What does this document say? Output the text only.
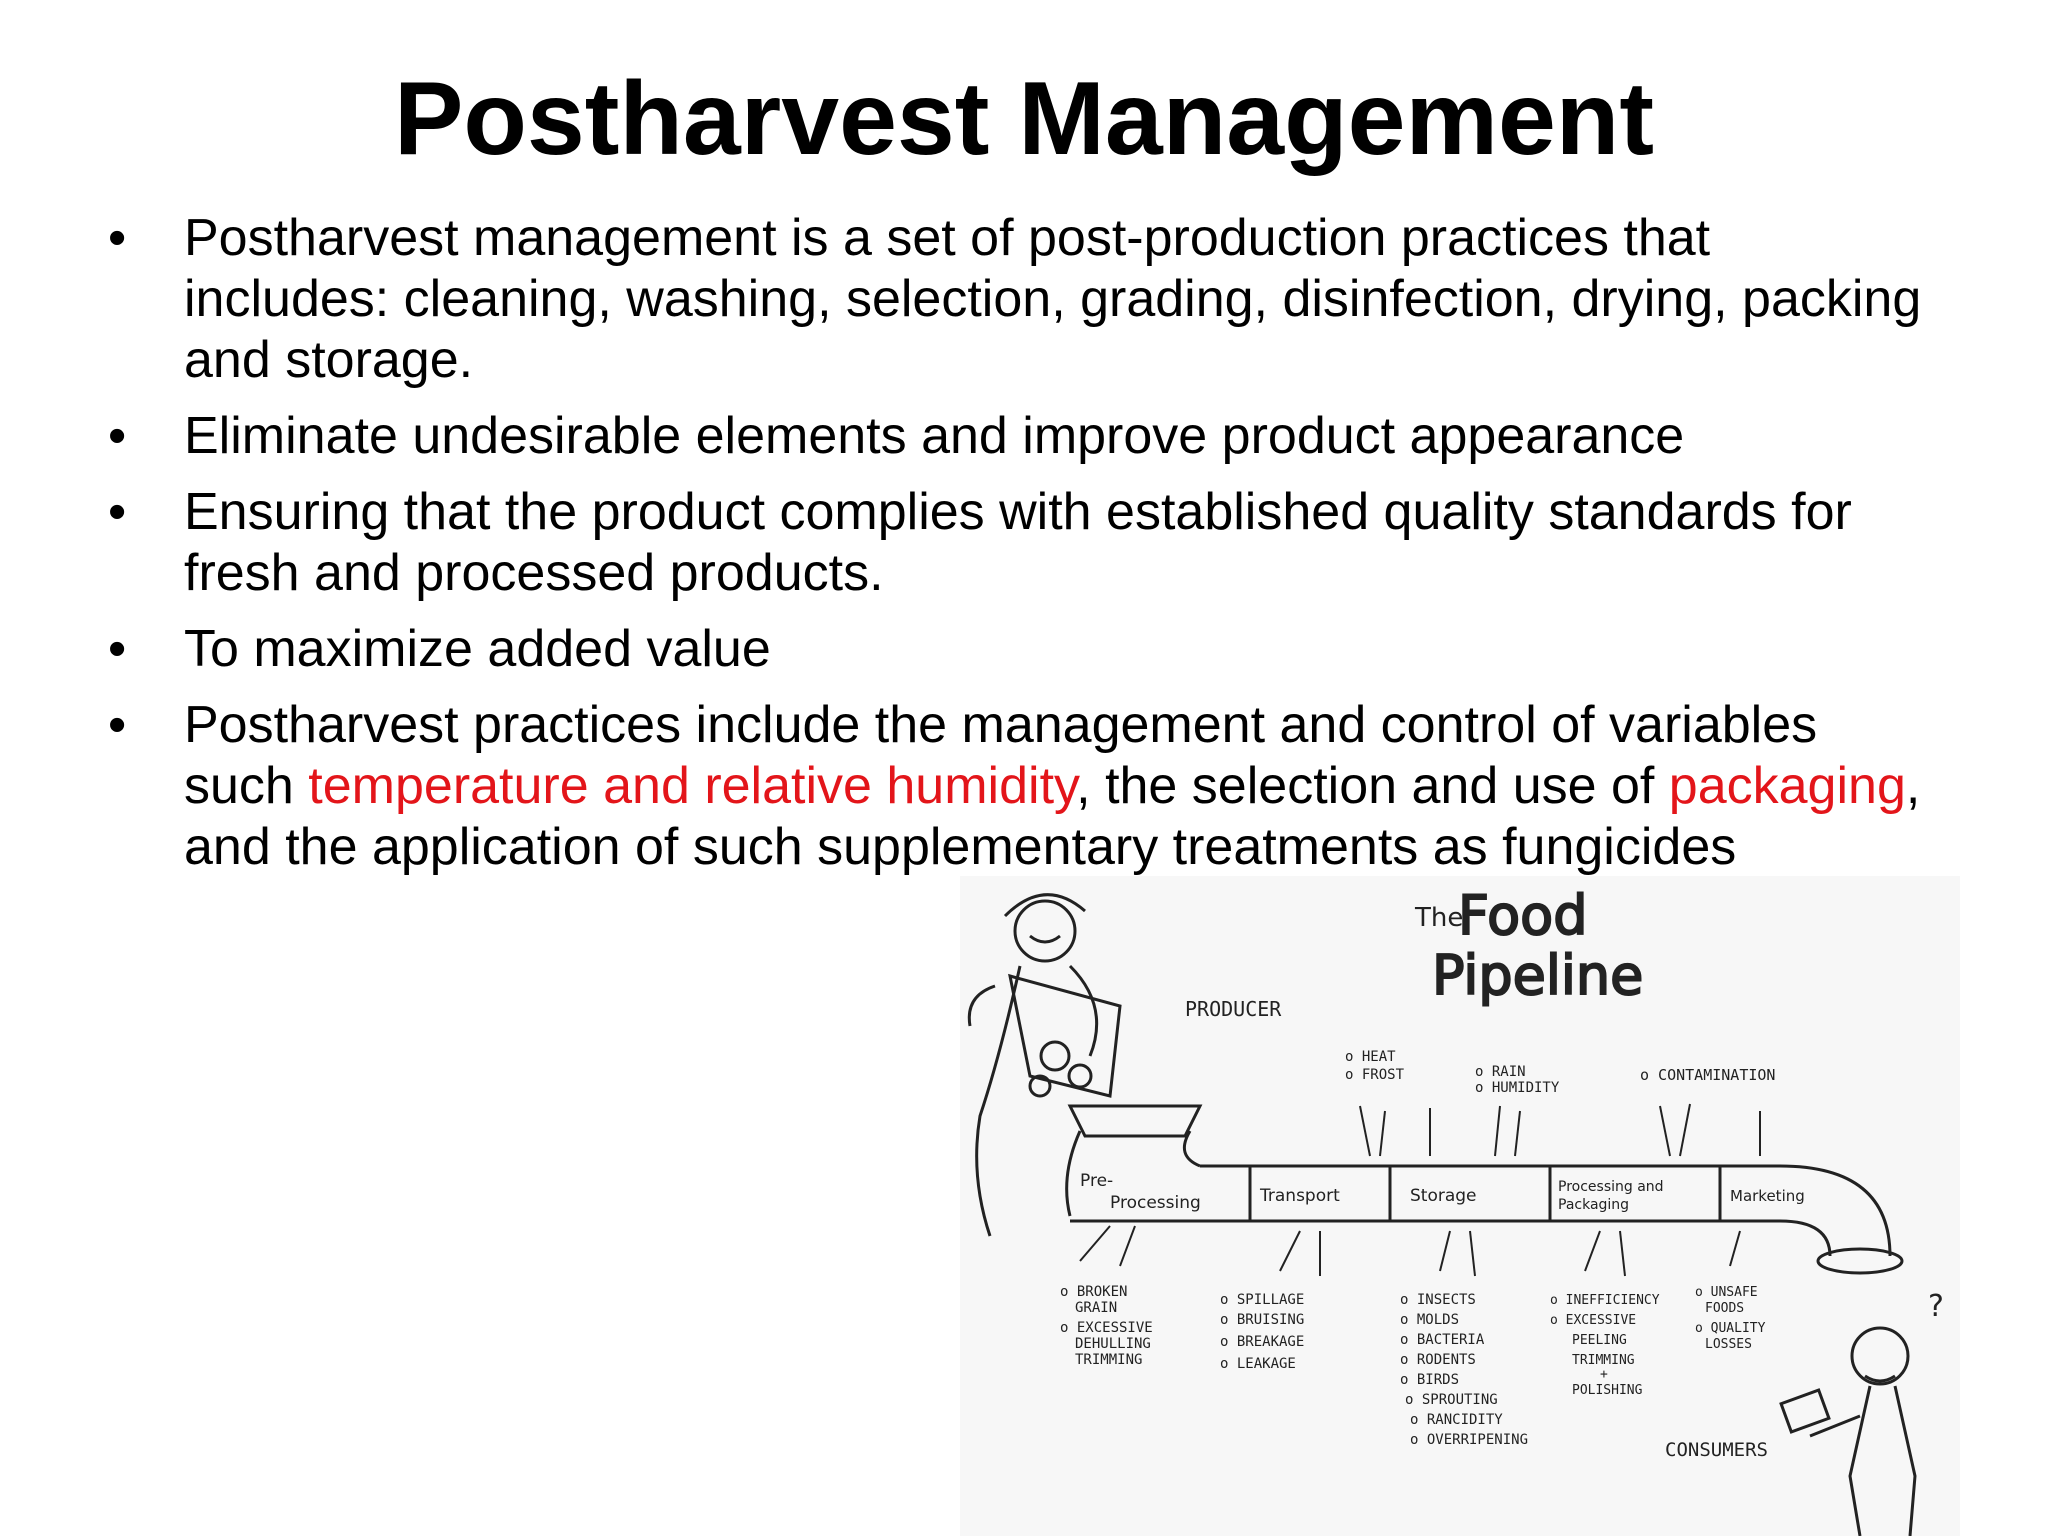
Postharvest Management
• Postharvest management is a set of post-production practices that includes: cleaning, washing, selection, grading, disinfection, drying, packing and storage.
• Eliminate undesirable elements and improve product appearance
• Ensuring that the product complies with established quality standards for fresh and processed products.
• To maximize added value
• Postharvest practices include the management and control of variables such temperature and relative humidity, the selection and use of packaging, and the application of such supplementary treatments as fungicides
The
Food
Pipeline
PRODUCER
Pre-
Processing	Transport	Storage	Processing and
Packaging	Marketing
o HEAT
o FROST	o RAIN
o HUMIDITY
o CONTAMINATION
o BROKEN
GRAIN
o EXCESSIVE
DEHULLING
TRIMMING
o SPILLAGE
o BRUISING
o BREAKAGE
o LEAKAGE
o INSECTS
o MOLDS
o BACTERIA
o RODENTS
o BIRDS
o SPROUTING
o RANCIDITY
o OVERRIPENING
o INEFFICIENCY
o EXCESSIVE
PEELING
TRIMMING
+
POLISHING
o UNSAFE
FOODS
o QUALITY
LOSSES
?
CONSUMERS
